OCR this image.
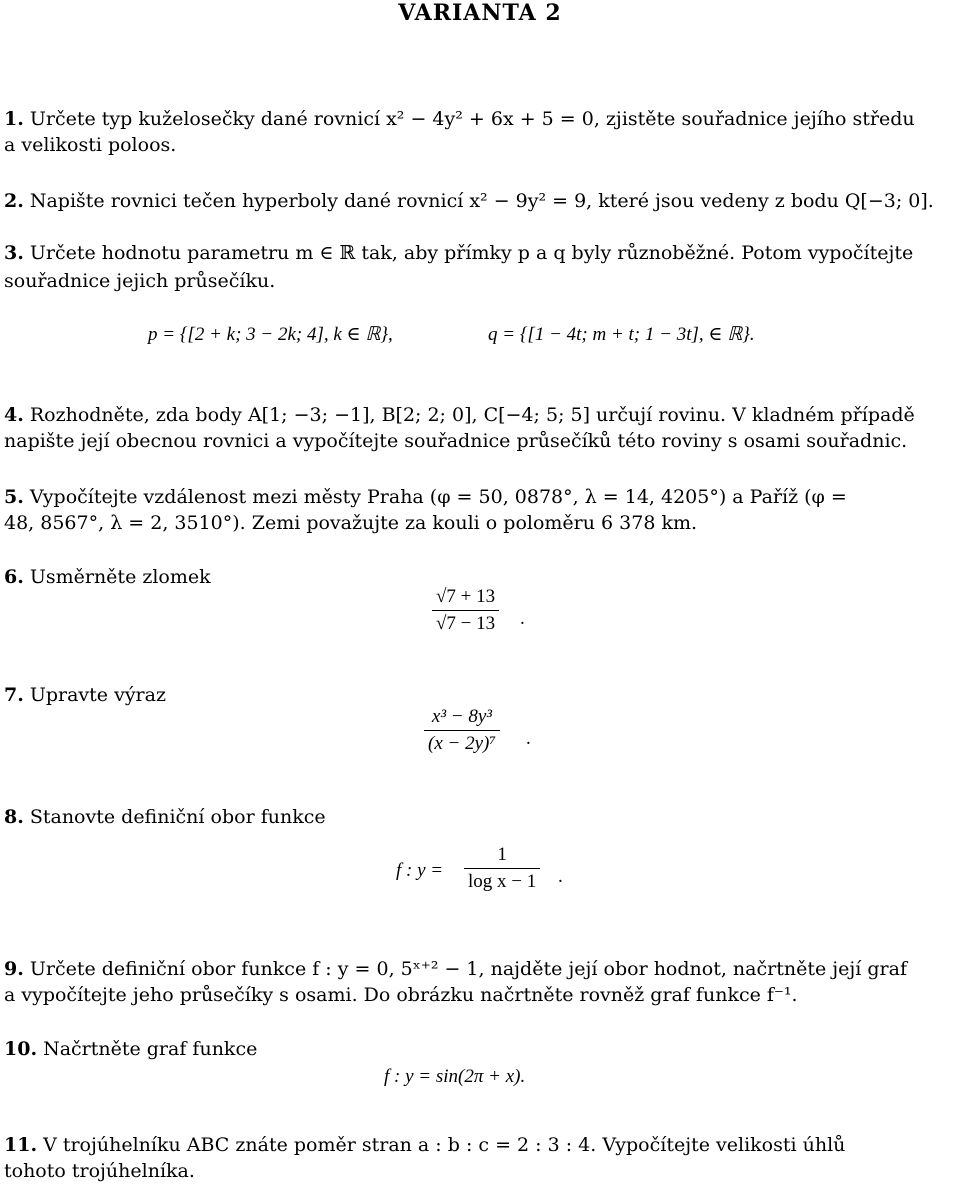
VARIANTA 2
1. Určete typ kuželosečky dané rovnicí x² − 4y² + 6x + 5 = 0, zjistěte souřadnice jejího středu
a velikosti poloos.
2. Napište rovnici tečen hyperboly dané rovnicí x² − 9y² = 9, které jsou vedeny z bodu Q[−3; 0].
3. Určete hodnotu parametru m ∈ ℝ tak, aby přímky p a q byly různoběžné. Potom vypočítejte
souřadnice jejich průsečíku.
p = {[2 + k; 3 − 2k; 4], k ∈ ℝ},	q = {[1 − 4t; m + t; 1 − 3t], ∈ ℝ}.
4. Rozhodněte, zda body A[1; −3; −1], B[2; 2; 0], C[−4; 5; 5] určují rovinu. V kladném případě
napište její obecnou rovnici a vypočítejte souřadnice průsečíků této roviny s osami souřadnic.
5. Vypočítejte vzdálenost mezi městy Praha (φ = 50, 0878°, λ = 14, 4205°) a Paříž (φ =
48, 8567°, λ = 2, 3510°). Zemi považujte za kouli o poloměru 6 378 km.
6. Usměrněte zlomek
$\frac{√7 + 13}{√7 - 13}$ .
7. Upravte výraz
$\frac{\text{x³ − 8y³}}{\text{(x − 2y)⁷}}$ .
8. Stanovte definiční obor funkce
f : $y = \frac{1}{\text{log x − 1}}$ .
9. Určete definiční obor funkce f : y = 0, 5ˣ⁺² − 1, najděte její obor hodnot, načrtněte její graf
a vypočítejte jeho průsečíky s osami. Do obrázku načrtněte rovněž graf funkce f⁻¹.
10. Načrtněte graf funkce
f : y = sin(2π + x).
11. V trojúhelníku ABC znáte poměr stran a : b : c = 2 : 3 : 4. Vypočítejte velikosti úhlů
tohoto trojúhelníka.
